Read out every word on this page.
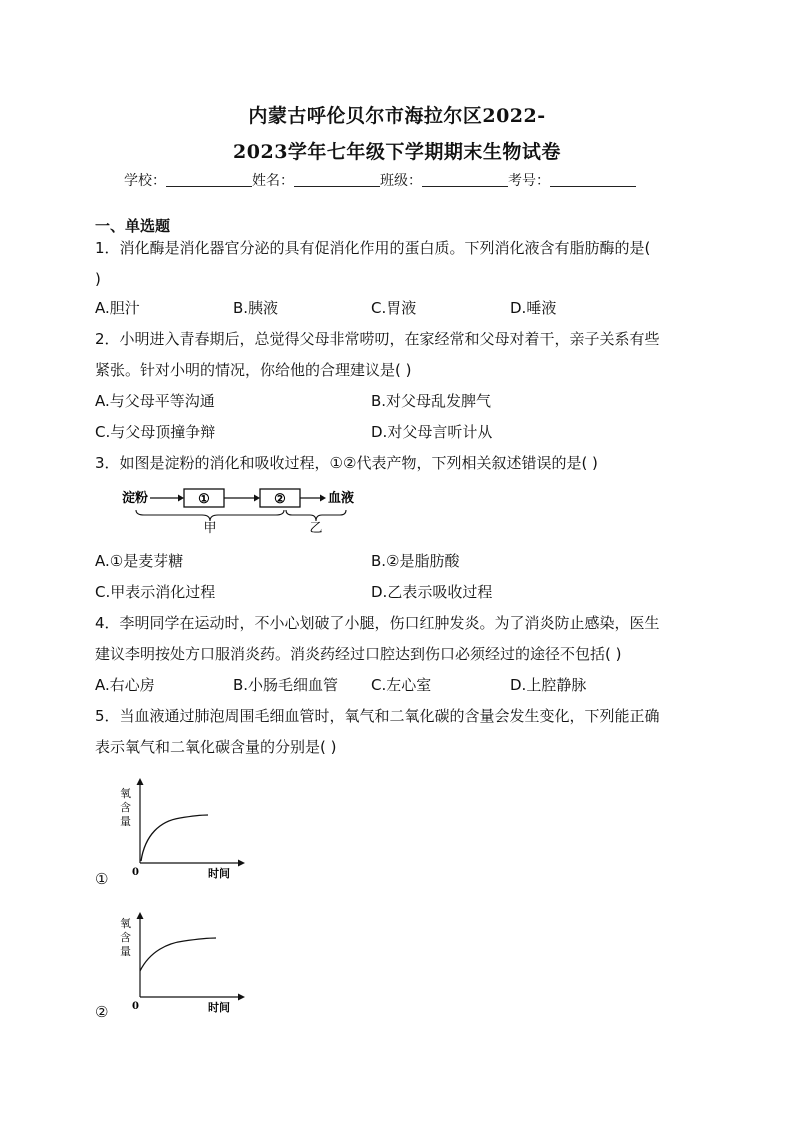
内蒙古呼伦贝尔市海拉尔区2022-
2023学年七年级下学期期末生物试卷
学校：	姓名：	班级：	考号：
一、单选题
1．消化酶是消化器官分泌的具有促消化作用的蛋白质。下列消化液含有脂肪酶的是(
)
A.胆汁	B.胰液	C.胃液	D.唾液
2．小明进入青春期后，总觉得父母非常唠叨，在家经常和父母对着干，亲子关系有些
紧张。针对小明的情况，你给他的合理建议是( )
A.与父母平等沟通	B.对父母乱发脾气
C.与父母顶撞争辩	D.对父母言听计从
3．如图是淀粉的消化和吸收过程，①②代表产物，下列相关叙述错误的是( )
淀粉	①	②	血液
甲	乙
A.①是麦芽糖	B.②是脂肪酸
C.甲表示消化过程	D.乙表示吸收过程
4．李明同学在运动时，不小心划破了小腿，伤口红肿发炎。为了消炎防止感染，医生
建议李明按处方口服消炎药。消炎药经过口腔达到伤口必须经过的途径不包括( )
A.右心房	B.小肠毛细血管 C.左心室	D.上腔静脉
5．当血液通过肺泡周围毛细血管时，氧气和二氧化碳的含量会发生变化，下列能正确
表示氧气和二氧化碳含量的分别是( )
氧
含
量
0	时间
①
氧
含
量
0	时间
②
